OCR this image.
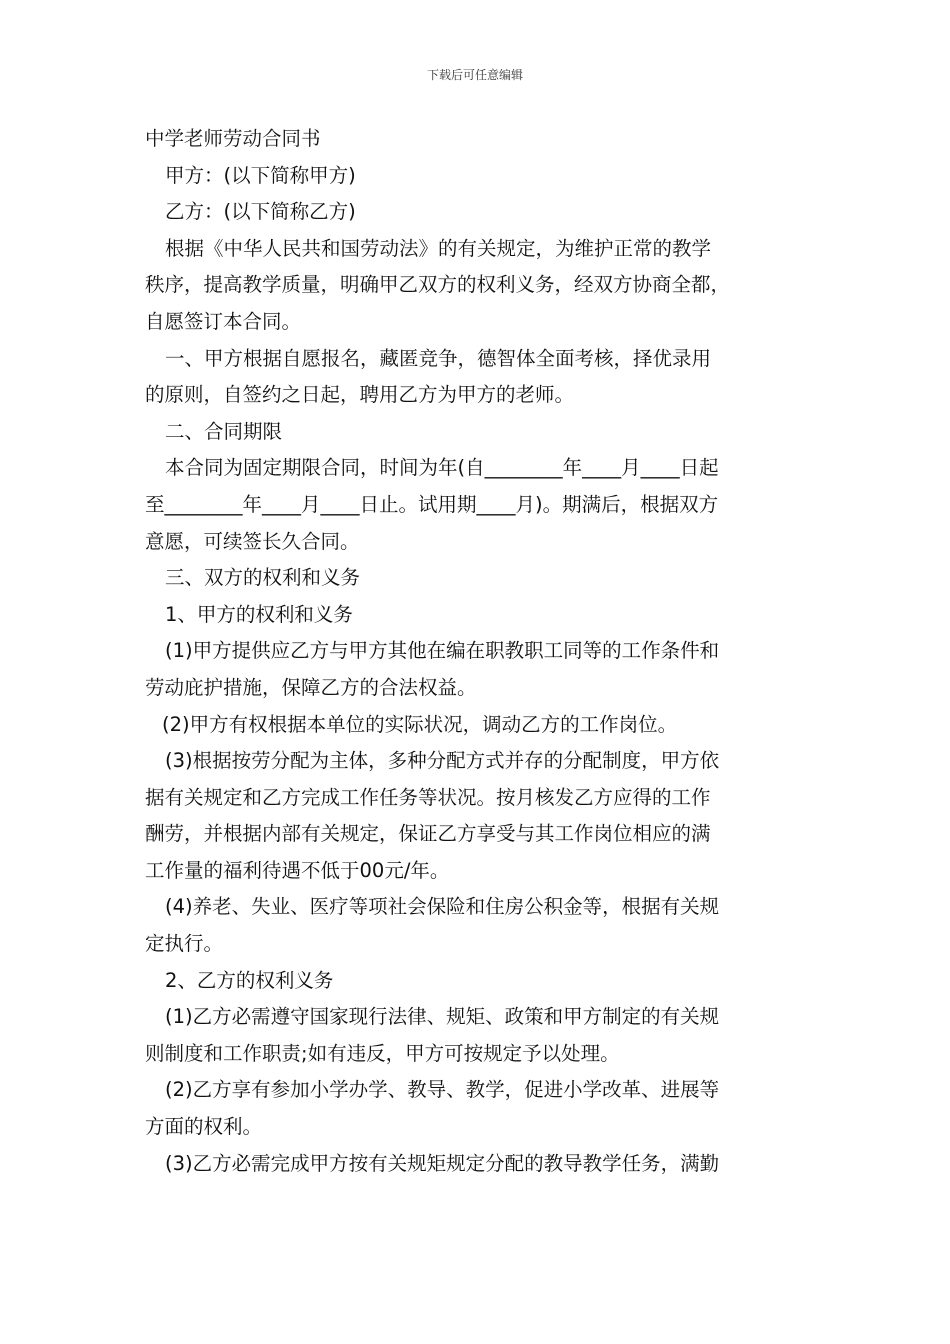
下载后可任意编辑

中学老师劳动合同书

甲方：(以下简称甲方)

乙方：(以下简称乙方)

根据《中华人民共和国劳动法》的有关规定，为维护正常的教学

秩序，提高教学质量，明确甲乙双方的权利义务，经双方协商全都，

自愿签订本合同。

一、甲方根据自愿报名，藏匿竞争，德智体全面考核，择优录用

的原则，自签约之日起，聘用乙方为甲方的老师。

二、合同期限

本合同为固定期限合同，时间为年(自________年____月____日起

至________年____月____日止。试用期____月)。期满后，根据双方

意愿，可续签长久合同。

三、双方的权利和义务

1、甲方的权利和义务

(1)甲方提供应乙方与甲方其他在编在职教职工同等的工作条件和

劳动庇护措施，保障乙方的合法权益。

(2)甲方有权根据本单位的实际状况，调动乙方的工作岗位。

(3)根据按劳分配为主体，多种分配方式并存的分配制度，甲方依

据有关规定和乙方完成工作任务等状况。按月核发乙方应得的工作

酬劳，并根据内部有关规定，保证乙方享受与其工作岗位相应的满

工作量的福利待遇不低于00元/年。

(4)养老、失业、医疗等项社会保险和住房公积金等，根据有关规

定执行。

2、乙方的权利义务

(1)乙方必需遵守国家现行法律、规矩、政策和甲方制定的有关规

则制度和工作职责;如有违反，甲方可按规定予以处理。

(2)乙方享有参加小学办学、教导、教学，促进小学改革、进展等

方面的权利。

(3)乙方必需完成甲方按有关规矩规定分配的教导教学任务，满勤
